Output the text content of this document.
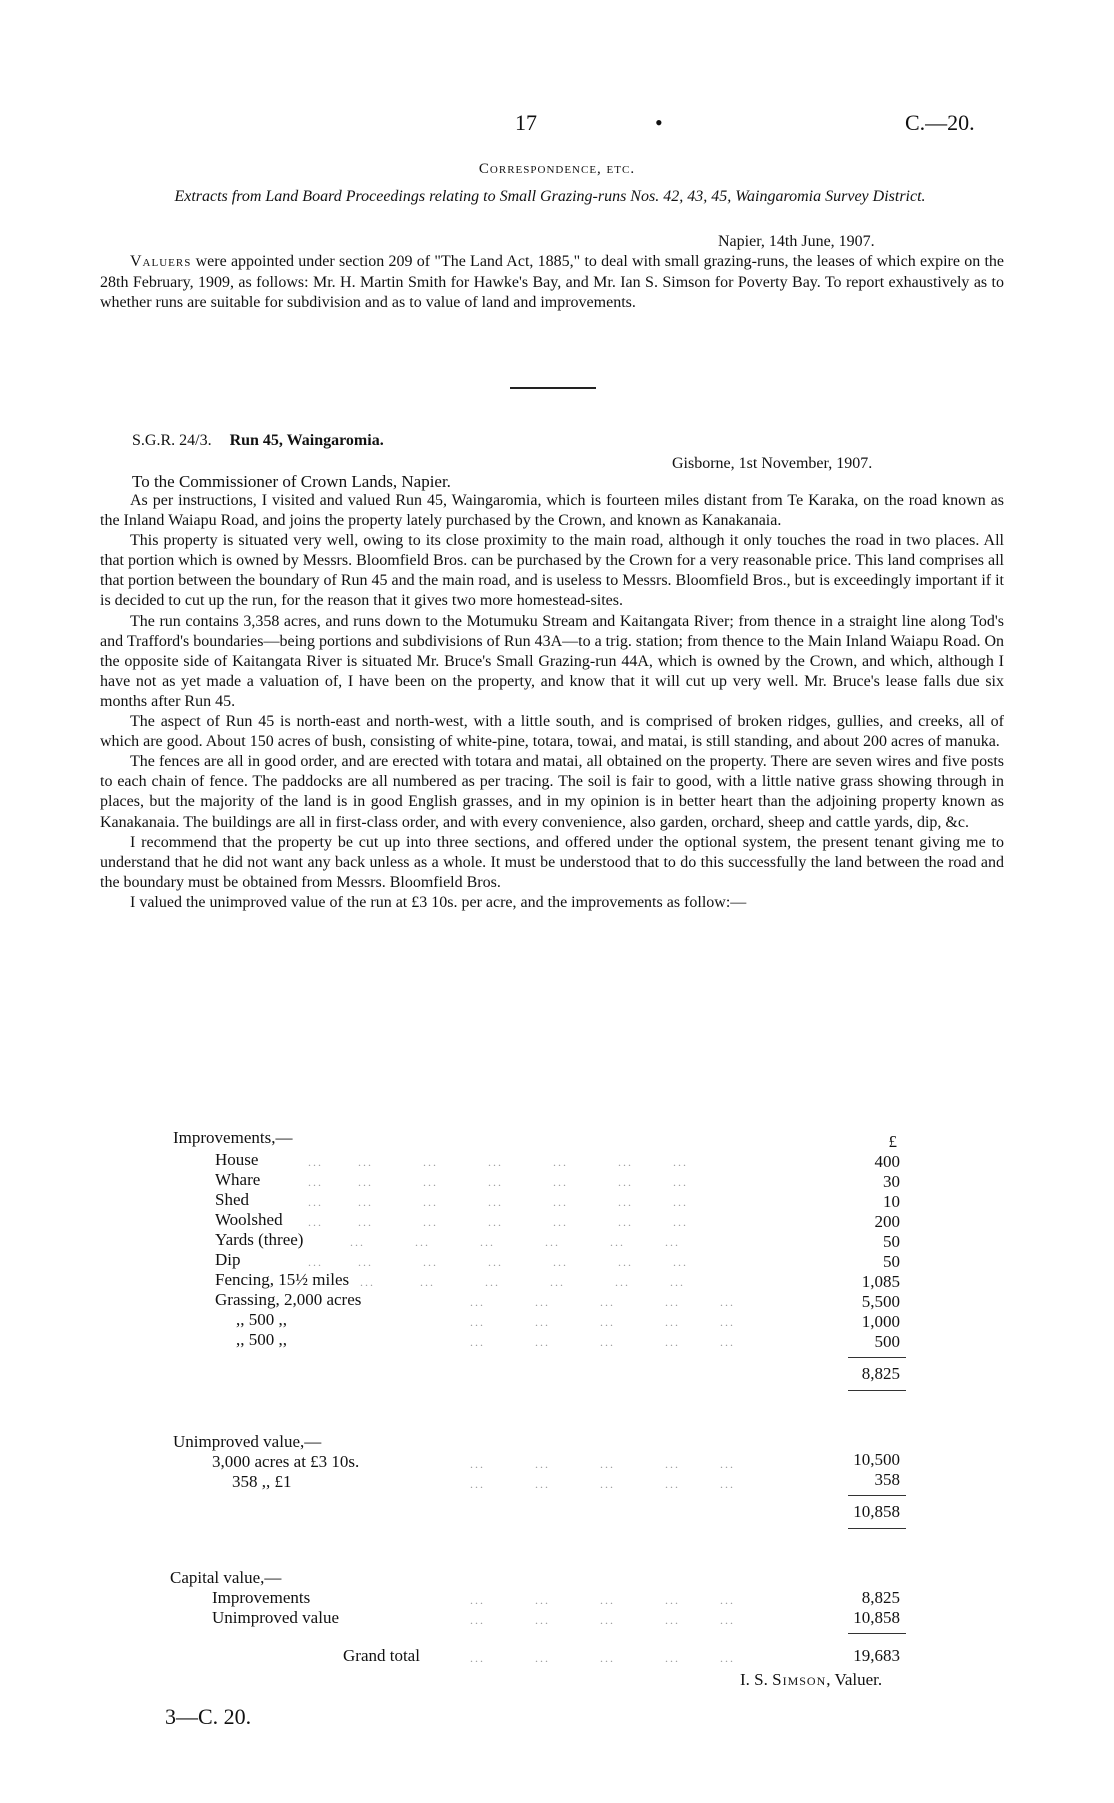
17	•	C.—20.
Correspondence, etc.
Extracts from Land Board Proceedings relating to Small Grazing-runs Nos. 42, 43, 45, Waingaromia Survey District.
Napier, 14th June, 1907.

Valuers were appointed under section 209 of "The Land Act, 1885," to deal with small grazing-runs, the leases of which expire on the 28th February, 1909, as follows: Mr. H. Martin Smith for Hawke's Bay, and Mr. Ian S. Simson for Poverty Bay. To report exhaustively as to whether runs are suitable for subdivision and as to value of land and improvements.

S.G.R. 24/3. Run 45, Waingaromia.
Gisborne, 1st November, 1907.
To the Commissioner of Crown Lands, Napier.

As per instructions, I visited and valued Run 45, Waingaromia, which is fourteen miles distant from Te Karaka, on the road known as the Inland Waiapu Road, and joins the property lately purchased by the Crown, and known as Kanakanaia.

This property is situated very well, owing to its close proximity to the main road, although it only touches the road in two places. All that portion which is owned by Messrs. Bloomfield Bros. can be purchased by the Crown for a very reasonable price. This land comprises all that portion between the boundary of Run 45 and the main road, and is useless to Messrs. Bloomfield Bros., but is exceedingly important if it is decided to cut up the run, for the reason that it gives two more homestead-sites.

The run contains 3,358 acres, and runs down to the Motumuku Stream and Kaitangata River; from thence in a straight line along Tod's and Trafford's boundaries—being portions and subdivisions of Run 43A—to a trig. station; from thence to the Main Inland Waiapu Road. On the opposite side of Kaitangata River is situated Mr. Bruce's Small Grazing-run 44A, which is owned by the Crown, and which, although I have not as yet made a valuation of, I have been on the property, and know that it will cut up very well. Mr. Bruce's lease falls due six months after Run 45.

The aspect of Run 45 is north-east and north-west, with a little south, and is comprised of broken ridges, gullies, and creeks, all of which are good. About 150 acres of bush, consisting of white-pine, totara, towai, and matai, is still standing, and about 200 acres of manuka.

The fences are all in good order, and are erected with totara and matai, all obtained on the property. There are seven wires and five posts to each chain of fence. The paddocks are all numbered as per tracing. The soil is fair to good, with a little native grass showing through in places, but the majority of the land is in good English grasses, and in my opinion is in better heart than the adjoining property known as Kanakanaia. The buildings are all in first-class order, and with every convenience, also garden, orchard, sheep and cattle yards, dip, &c.

I recommend that the property be cut up into three sections, and offered under the optional system, the present tenant giving me to understand that he did not want any back unless as a whole. It must be understood that to do this successfully the land between the road and the boundary must be obtained from Messrs. Bloomfield Bros.

I valued the unimproved value of the run at £3 10s. per acre, and the improvements as follow:—

Improvements,—	£
House	...       ...          ...          ...          ...          ...        ...	400
Whare	...       ...          ...          ...          ...          ...        ...	30
Shed	...       ...          ...          ...          ...          ...        ...	10
Woolshed ...       ...          ...          ...          ...          ...        ...	200
Yards (three)	...          ...          ...          ...          ...        ...	50
Dip	...       ...          ...          ...          ...          ...        ...	50
Fencing, 15½ miles ...         ...          ...          ...          ...        ...	1,085
Grassing, 2,000 acres	...          ...          ...          ...        ...	5,500
,, 500 ,,	...          ...          ...          ...        ...	1,000
,, 500 ,,	...          ...          ...          ...        ...	500
8,825
Unimproved value,—
3,000 acres at £3 10s.	...          ...          ...          ...        ...	10,500
358 ,, £1	...          ...          ...          ...        ...	358
10,858
Capital value,—
Improvements	...          ...          ...          ...        ...	8,825
Unimproved value	...          ...          ...          ...        ...	10,858
Grand total	...          ...          ...          ...        ...	19,683
I. S. Simson, Valuer.
3—C. 20.
